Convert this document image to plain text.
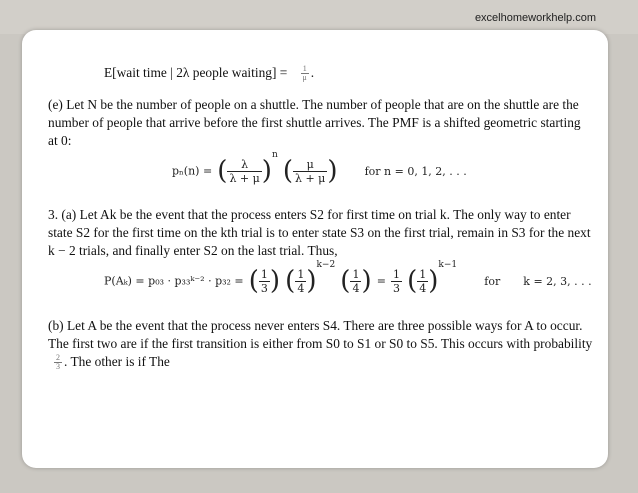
excelhomeworkhelp.com
E[wait time | 2λ people waiting] = $\frac{1}{\mu}$ .
(e) Let N be the number of people on a shuttle. The number of people that are on the shuttle are the number of people that arrive before the first shuttle arrives. The PMF is a shifted geometric starting at 0:
pₙ(n) = ( $\frac{\lambda}{\lambda + \mu} )^n$ ( $\frac{\mu}{\lambda + \mu}$ ) for n = 0, 1, 2, . . .
3. (a) Let Ak be the event that the process enters S2 for first time on trial k. The only way to enter state S2 for the first time on the kth trial is to enter state S3 on the first trial, remain in S3 for the next k − 2 trials, and finally enter S2 on the last trial. Thus,
P(Aₖ) = p₀₃ · p₃₃ᵏ⁻² · p₃₂ = ( $\frac{1}{3}$ ) ( $\frac{1}{4} )^{k-2}$ ( $\frac{1}{4}$ ) = $\frac{1}{3}$ ( $\frac{1}{4} )^{k-1}$ for k = 2, 3, . . .
(b) Let A be the event that the process never enters S4. There are three possible ways for A to occur. The first two are if the first transition is either from S0 to S1 or S0 to S5. This occurs with probability
$\frac{2}{3}$ . The other is if The
